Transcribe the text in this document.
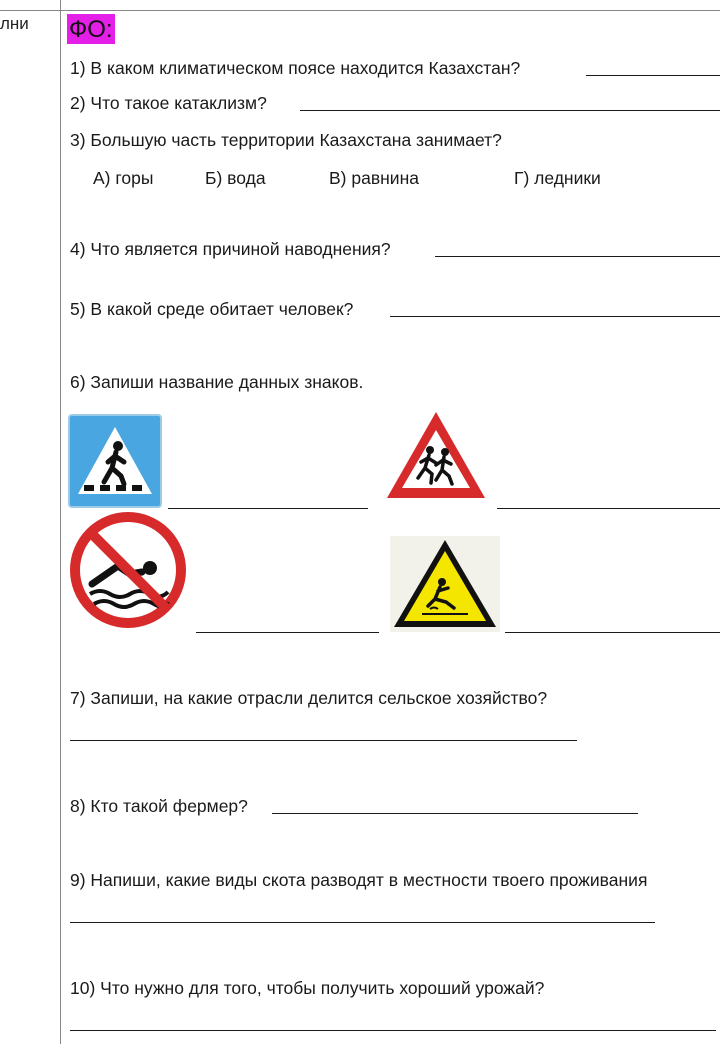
лни ФО:
1) В каком климатическом поясе находится Казахстан?
2) Что такое катаклизм?
3) Большую часть территории Казахстана занимает?
А) горы	Б) вода	В) равнина	Г) ледники
4) Что является причиной наводнения?
5) В какой среде обитает человек?
6) Запиши название данных знаков.
7) Запиши, на какие отрасли делится сельское хозяйство?
8) Кто такой фермер?
9) Напиши, какие виды скота разводят в местности твоего проживания
10) Что нужно для того, чтобы получить хороший урожай?
